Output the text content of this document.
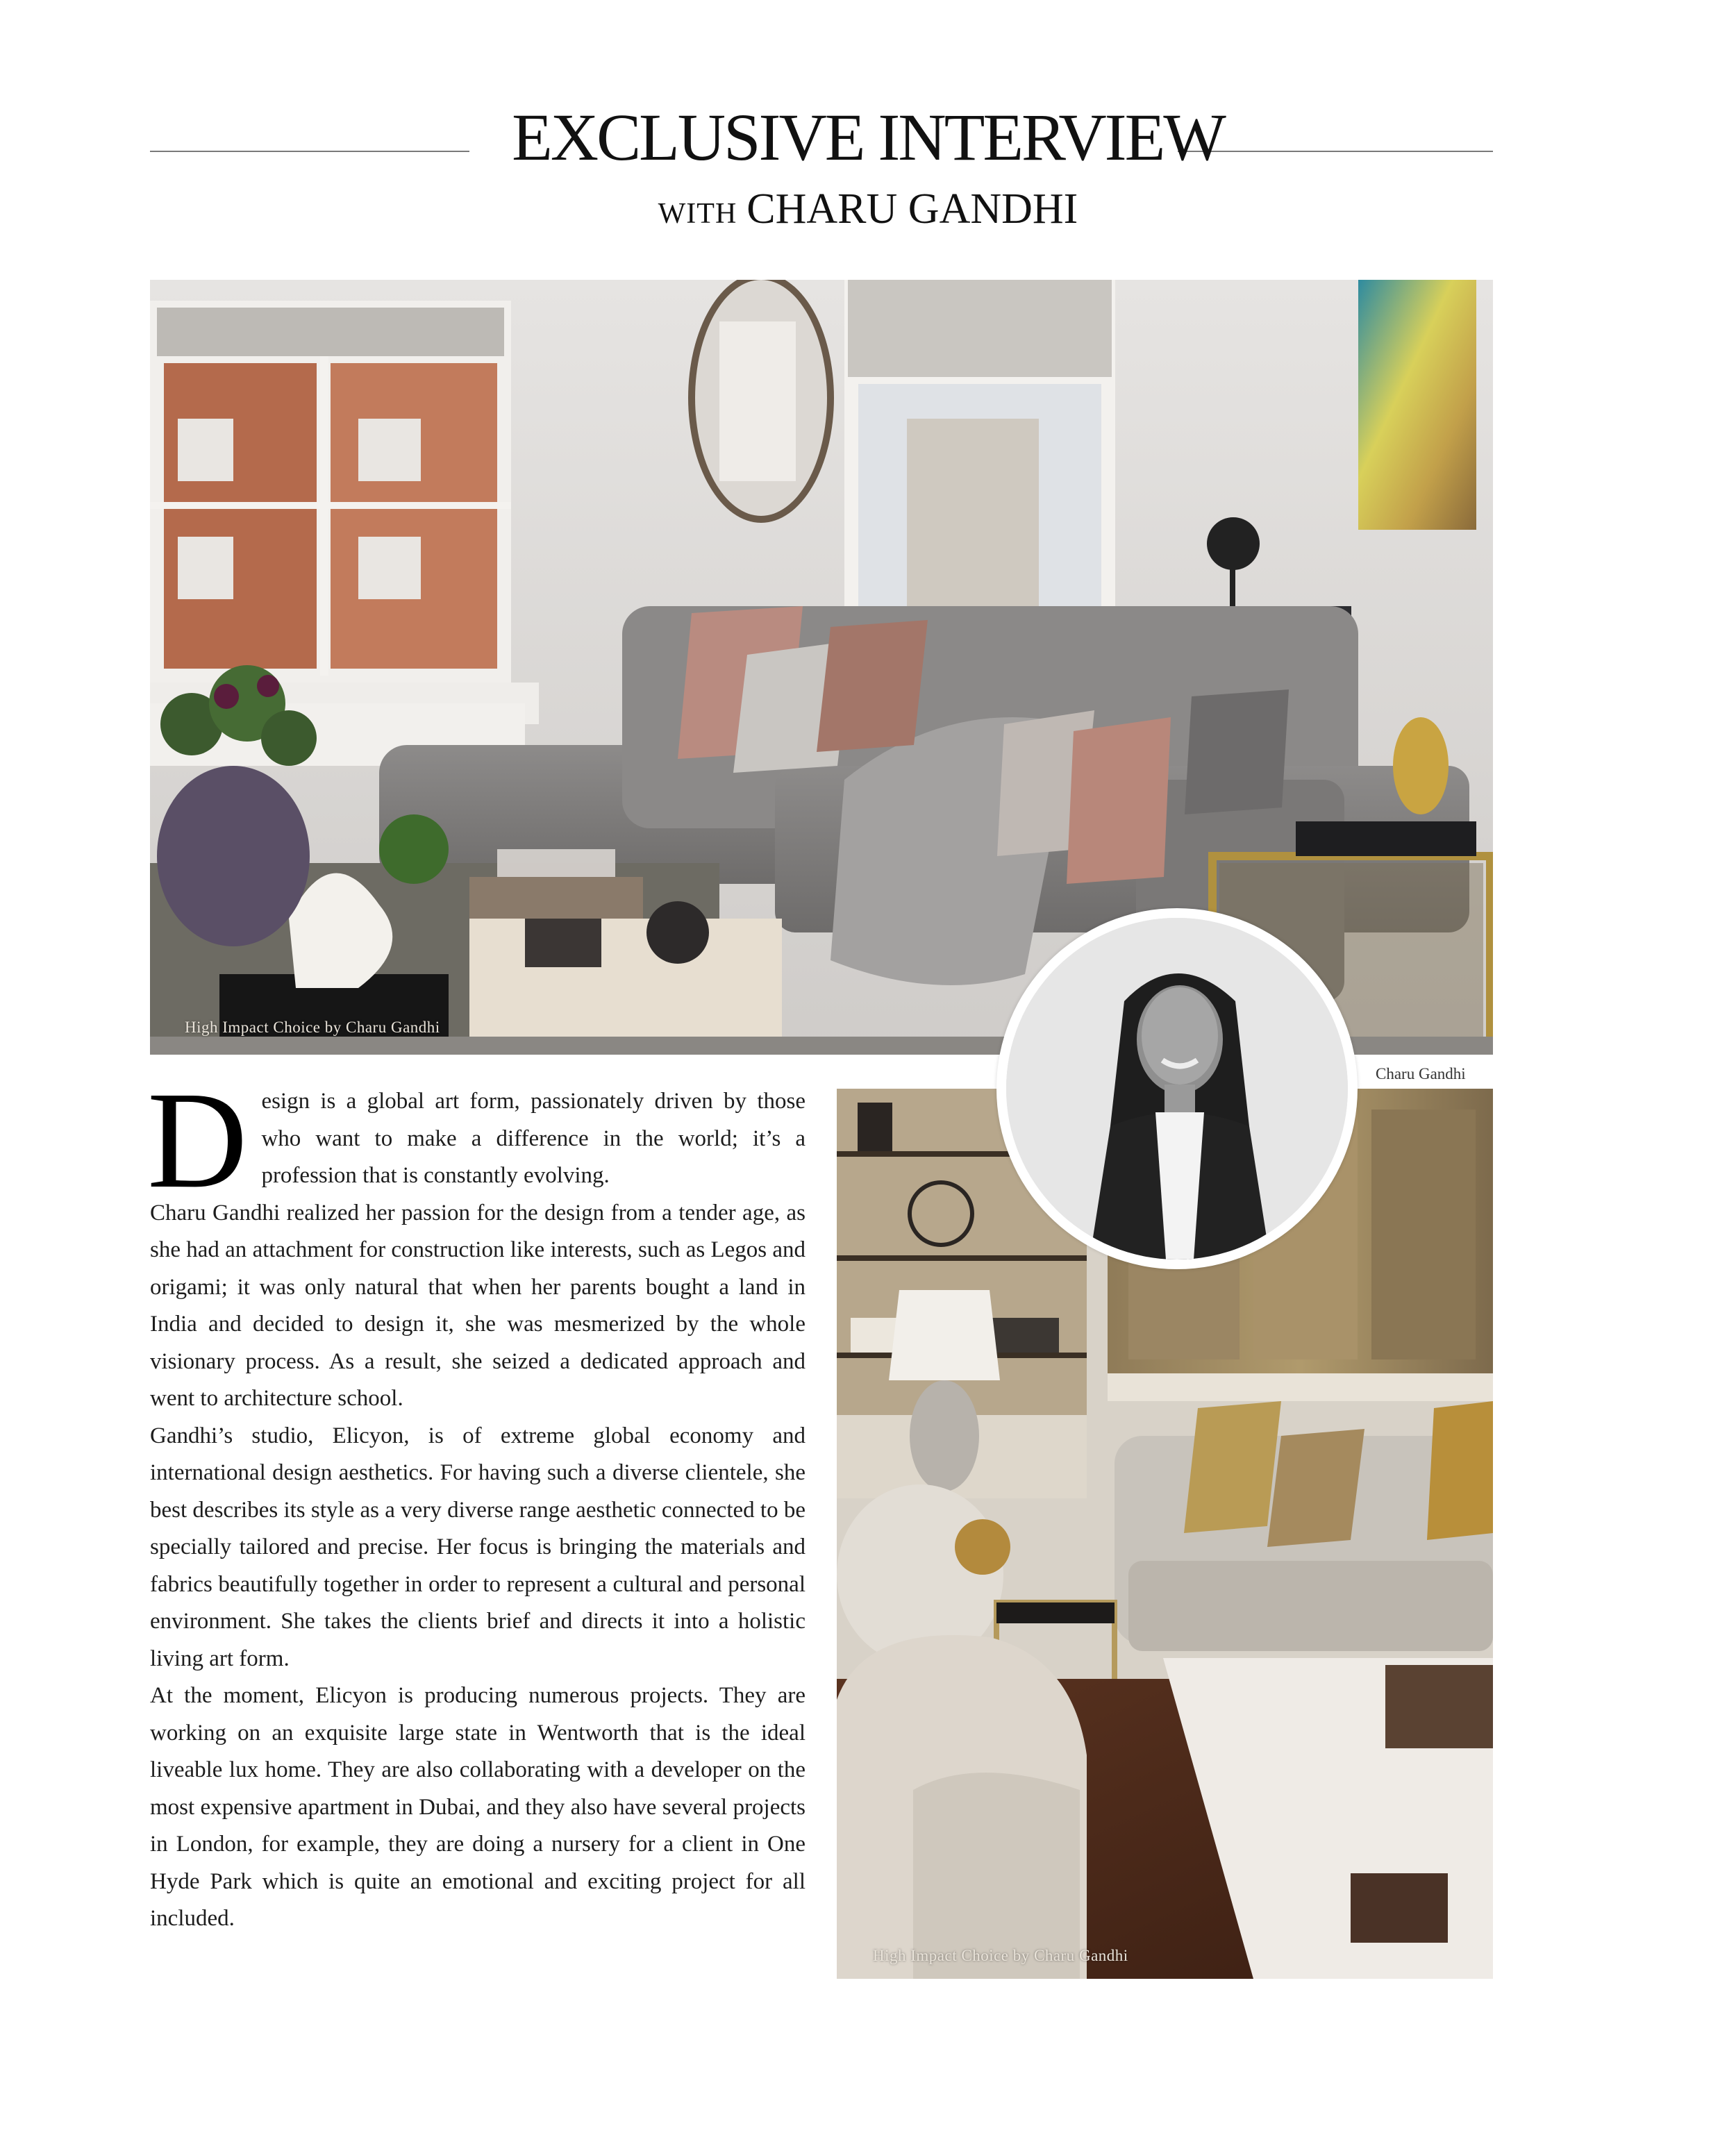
EXCLUSIVE INTERVIEW
WITH CHARU GANDHI
High Impact Choice by Charu Gandhi
High Impact Choice by Charu Gandhi
Charu Gandhi

Design is a global art form, passionately driven by those who want to make a difference in the world; it’s a profession that is constantly evolving.

Charu Gandhi realized her passion for the design from a tender age, as she had an attachment for construction like interests, such as Legos and origami; it was only natural that when her parents bought a land in India and decided to design it, she was mesmerized by the whole visionary process. As a result, she seized a dedicated approach and went to architecture school.

Gandhi’s studio, Elicyon, is of extreme global economy and international design aesthetics. For having such a diverse clientele, she best describes its style as a very diverse range aesthetic connected to be specially tailored and precise. Her focus is bringing the materials and fabrics beautifully together in order to represent a cultural and personal environment. She takes the clients brief and directs it into a holistic living art form.

At the moment, Elicyon is producing numerous projects. They are working on an exquisite large state in Wentworth that is the ideal liveable lux home. They are also collaborating with a developer on the most expensive apartment in Dubai, and they also have several projects in London, for example, they are doing a nursery for a client in One Hyde Park which is quite an emotional and exciting project for all included.
